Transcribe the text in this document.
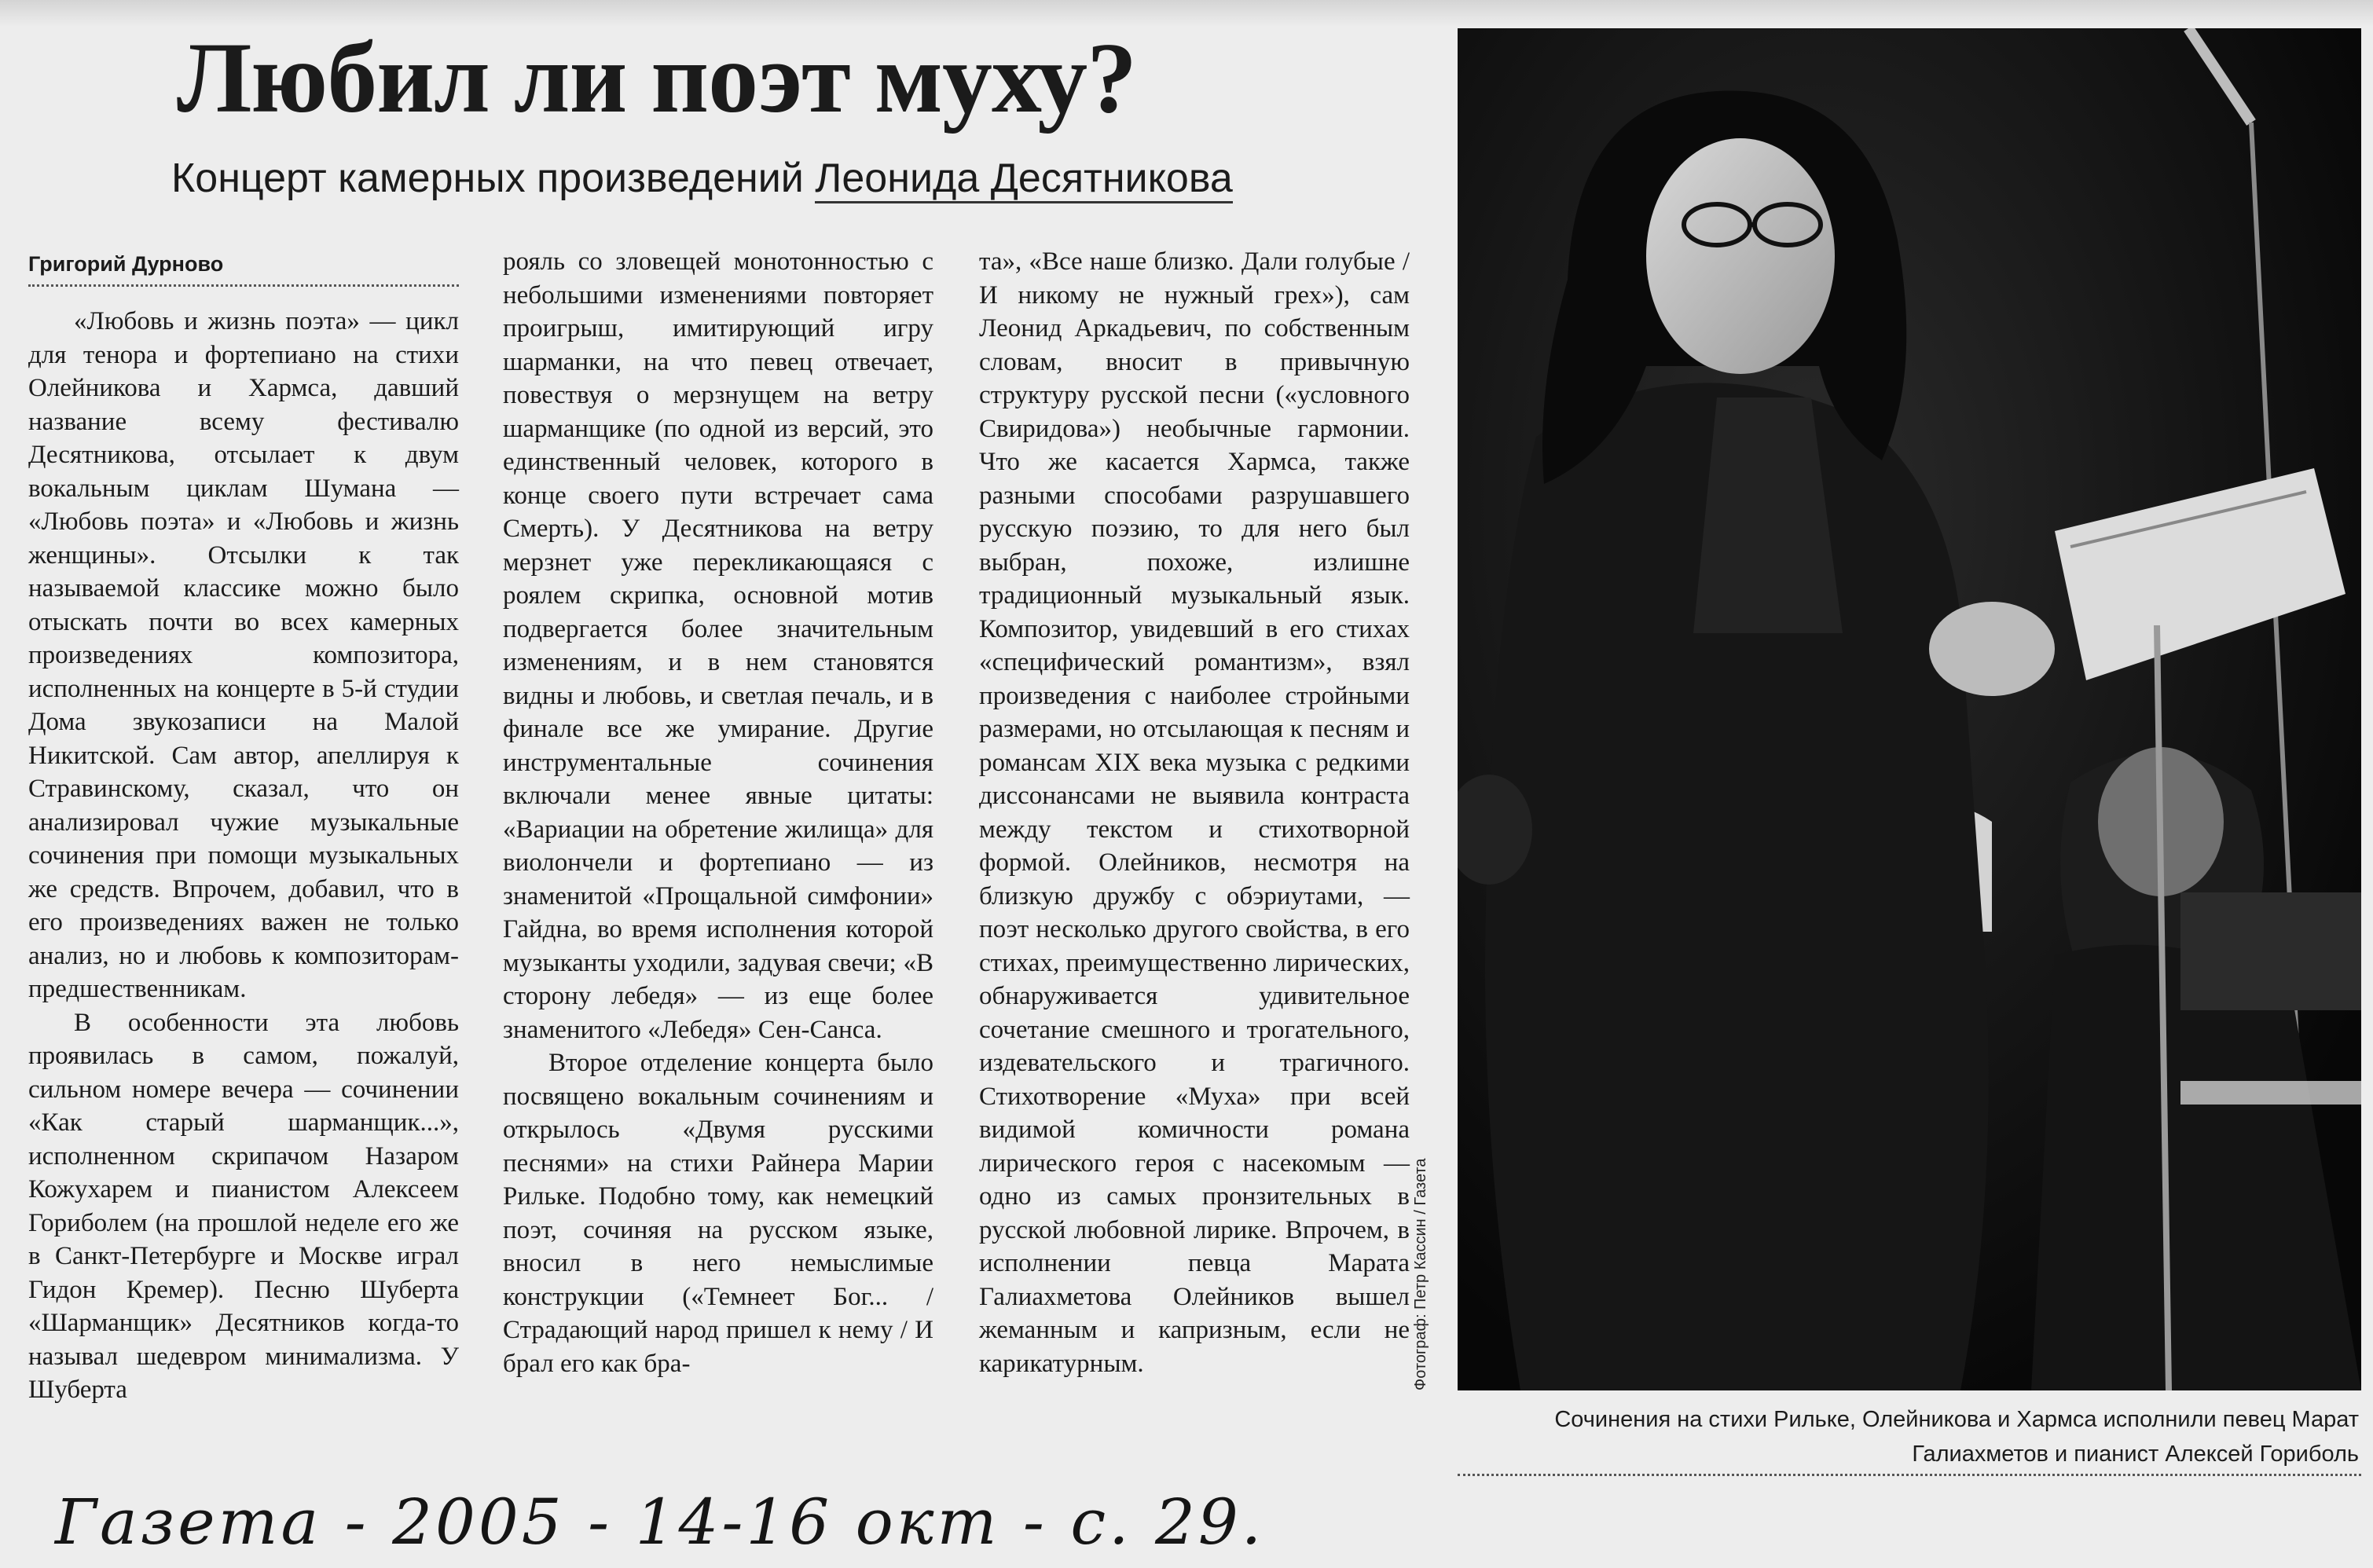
Любил ли поэт муху?
Концерт камерных произведений Леонида Десятникова
Григорий Дурново

«Любовь и жизнь поэта» — цикл для тенора и фортепиано на стихи Олейникова и Хармса, давший название всему фестивалю Десятникова, отсылает к двум вокальным циклам Шумана — «Любовь поэта» и «Любовь и жизнь женщины». Отсылки к так называемой классике можно было отыскать почти во всех камерных произведениях композитора, исполненных на концерте в 5-й студии Дома звукозаписи на Малой Никитской. Сам автор, апеллируя к Стравинскому, сказал, что он анализировал чужие музыкальные сочинения при помощи музыкальных же средств. Впрочем, добавил, что в его произведениях важен не только анализ, но и любовь к композиторам-предшественникам.

В особенности эта любовь проявилась в самом, пожалуй, сильном номере вечера — сочинении «Как старый шарманщик...», исполненном скрипачом Назаром Кожухарем и пианистом Алексеем Гориболем (на прошлой неделе его же в Санкт-Петербурге и Москве играл Гидон Кремер). Песню Шуберта «Шарманщик» Десятников когда-то называл шедевром минимализма. У Шуберта

рояль со зловещей монотонностью с небольшими изменениями повторяет проигрыш, имитирующий игру шарманки, на что певец отвечает, повествуя о мерзнущем на ветру шарманщике (по одной из версий, это единственный человек, которого в конце своего пути встречает сама Смерть). У Десятникова на ветру мерзнет уже перекликающаяся с роялем скрипка, основной мотив подвергается более значительным изменениям, и в нем становятся видны и любовь, и светлая печаль, и в финале все же умирание. Другие инструментальные сочинения включали менее явные цитаты: «Вариации на обретение жилища» для виолончели и фортепиано — из знаменитой «Прощальной симфонии» Гайдна, во время исполнения которой музыканты уходили, задувая свечи; «В сторону лебедя» — из еще более знаменитого «Лебедя» Сен-Санса.

Второе отделение концерта было посвящено вокальным сочинениям и открылось «Двумя русскими песнями» на стихи Райнера Марии Рильке. Подобно тому, как немецкий поэт, сочиняя на русском языке, вносил в него немыслимые конструкции («Темнеет Бог... / Страдающий народ пришел к нему / И брал его как бра-

та», «Все наше близко. Дали голубые / И никому не нужный грех»), сам Леонид Аркадьевич, по собственным словам, вносит в привычную структуру русской песни («условного Свиридова») необычные гармонии. Что же касается Хармса, также разными способами разрушавшего русскую поэзию, то для него был выбран, похоже, излишне традиционный музыкальный язык. Композитор, увидевший в его стихах «специфический романтизм», взял произведения с наиболее стройными размерами, но отсылающая к песням и романсам XIX века музыка с редкими диссонансами не выявила контраста между текстом и стихотворной формой. Олейников, несмотря на близкую дружбу с обэриутами, — поэт несколько другого свойства, в его стихах, преимущественно лирических, обнаруживается удивительное сочетание смешного и трогательного, издевательского и трагичного. Стихотворение «Муха» при всей видимой комичности романа лирического героя с насекомым — одно из самых пронзительных в русской любовной лирике. Впрочем, в исполнении певца Марата Галиахметова Олейников вышел жеманным и капризным, если не карикатурным.	Фотограф: Петр Кассин / Газета
Сочинения на стихи Рильке, Олейникова и Хармса исполнили певец Марат Галиахметов и пианист Алексей Гориболь
Газета - 2005 - 14-16 окт - с. 29.
